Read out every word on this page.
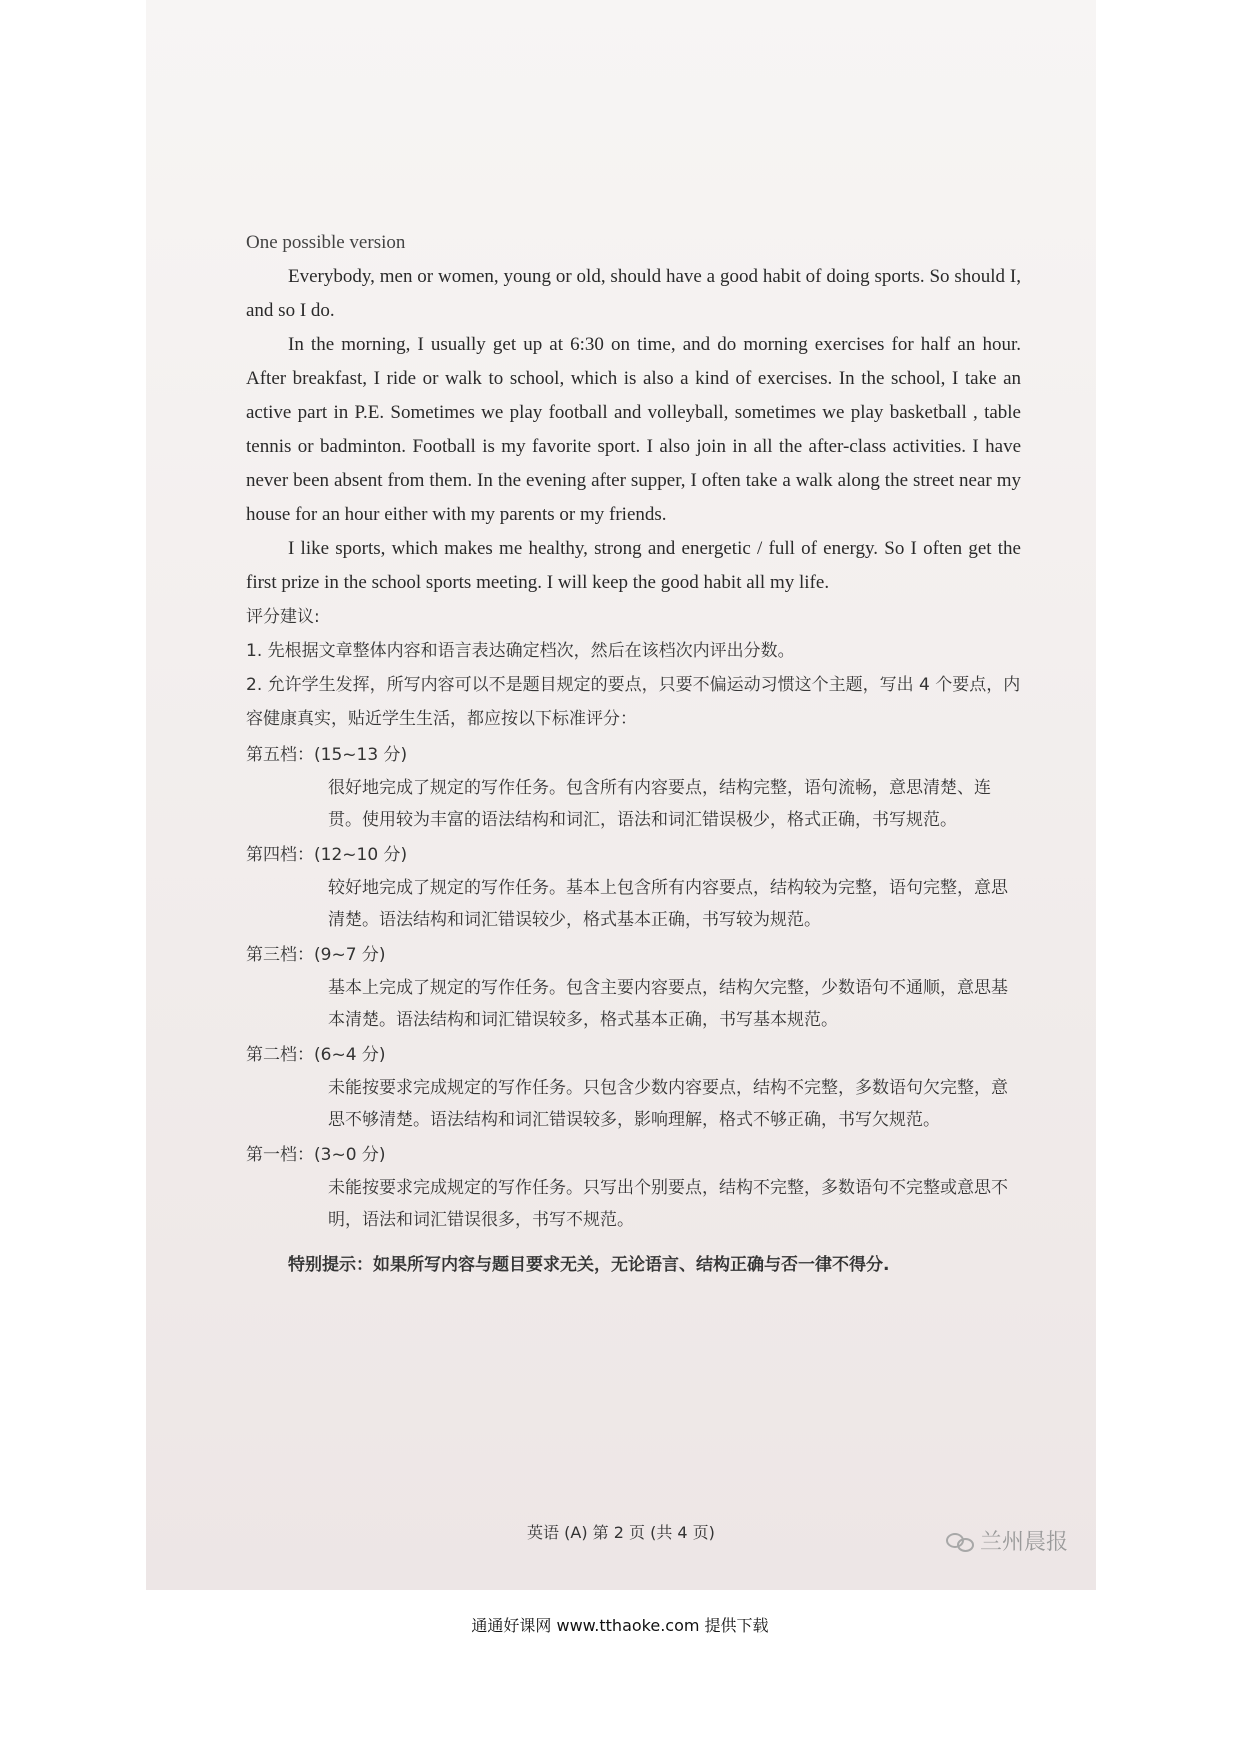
One possible version

Everybody, men or women, young or old, should have a good habit of doing sports. So should I, and so I do.

In the morning, I usually get up at 6:30 on time, and do morning exercises for half an hour. After breakfast, I ride or walk to school, which is also a kind of exercises. In the school, I take an active part in P.E. Sometimes we play football and volleyball, sometimes we play basketball , table tennis or badminton. Football is my favorite sport. I also join in all the after-class activities. I have never been absent from them. In the evening after supper, I often take a walk along the street near my house for an hour either with my parents or my friends.

I like sports, which makes me healthy, strong and energetic / full of energy. So I often get the first prize in the school sports meeting. I will keep the good habit all my life.

评分建议:

1. 先根据文章整体内容和语言表达确定档次，然后在该档次内评出分数。

2. 允许学生发挥，所写内容可以不是题目规定的要点，只要不偏运动习惯这个主题，写出 4 个要点，内容健康真实，贴近学生生活，都应按以下标准评分：

第五档：(15~13 分)

很好地完成了规定的写作任务。包含所有内容要点，结构完整，语句流畅，意思清楚、连贯。使用较为丰富的语法结构和词汇，语法和词汇错误极少，格式正确，书写规范。

第四档：(12~10 分)

较好地完成了规定的写作任务。基本上包含所有内容要点，结构较为完整，语句完整，意思清楚。语法结构和词汇错误较少，格式基本正确，书写较为规范。

第三档：(9~7 分)

基本上完成了规定的写作任务。包含主要内容要点，结构欠完整，少数语句不通顺，意思基本清楚。语法结构和词汇错误较多，格式基本正确，书写基本规范。

第二档：(6~4 分)

未能按要求完成规定的写作任务。只包含少数内容要点，结构不完整，多数语句欠完整，意思不够清楚。语法结构和词汇错误较多，影响理解，格式不够正确，书写欠规范。

第一档：(3~0 分)

未能按要求完成规定的写作任务。只写出个别要点，结构不完整，多数语句不完整或意思不明，语法和词汇错误很多，书写不规范。

特别提示：如果所写内容与题目要求无关，无论语言、结构正确与否一律不得分.

英语 (A) 第 2 页 (共 4 页)	兰州晨报
通通好课网 www.tthaoke.com 提供下载
